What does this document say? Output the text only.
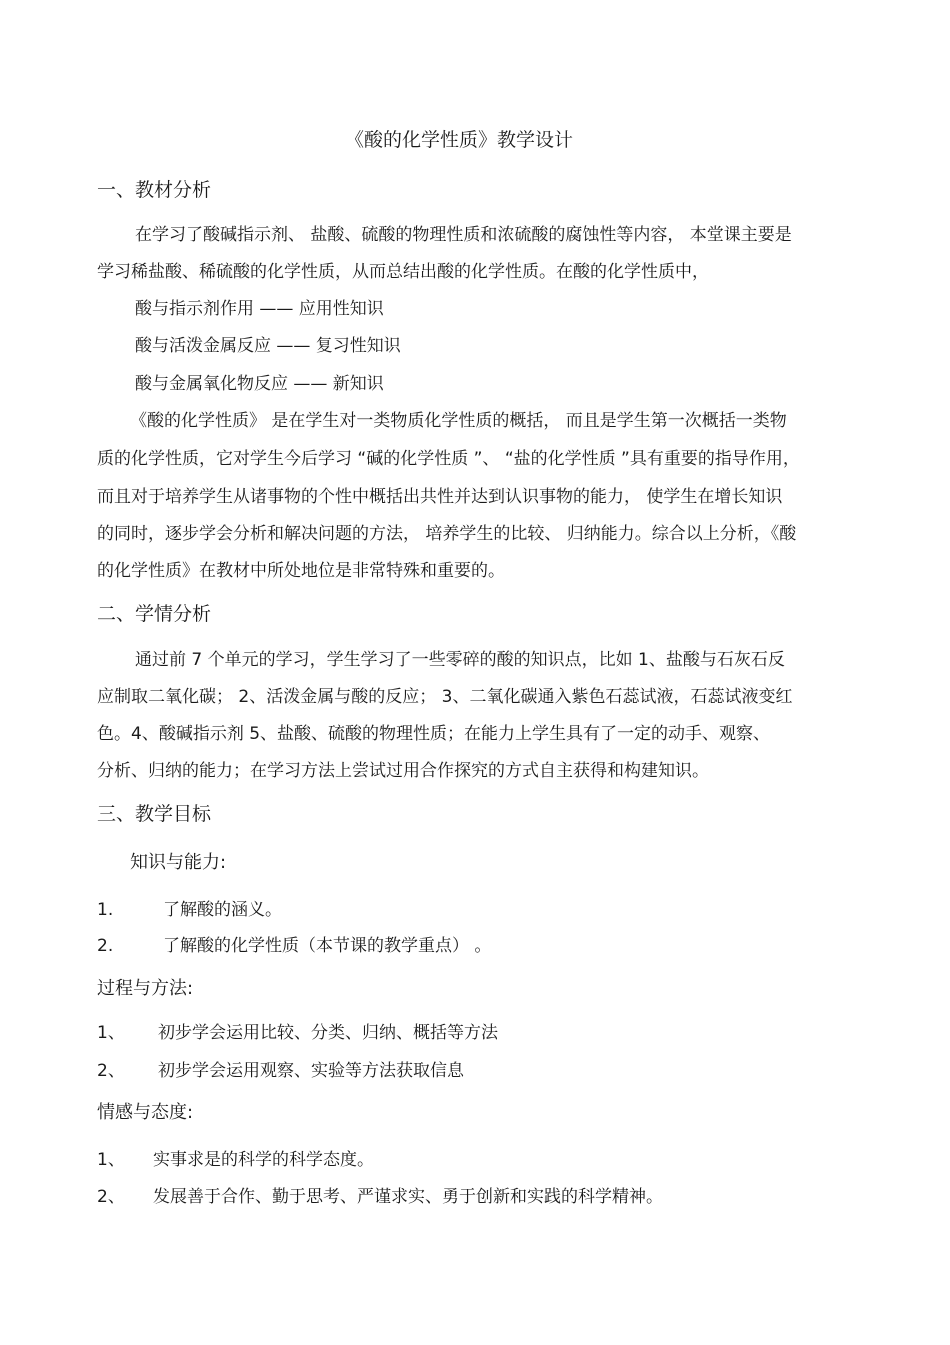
《酸的化学性质》教学设计
一、教材分析
在学习了酸碱指示剂、 盐酸、硫酸的物理性质和浓硫酸的腐蚀性等内容， 本堂课主要是
学习稀盐酸、稀硫酸的化学性质，从而总结出酸的化学性质。在酸的化学性质中，
酸与指示剂作用 —— 应用性知识
酸与活泼金属反应 —— 复习性知识
酸与金属氧化物反应 —— 新知识
《酸的化学性质》 是在学生对一类物质化学性质的概括， 而且是学生第一次概括一类物
质的化学性质，它对学生今后学习 “碱的化学性质 ”、 “盐的化学性质 ”具有重要的指导作用，
而且对于培养学生从诸事物的个性中概括出共性并达到认识事物的能力， 使学生在增长知识
的同时，逐步学会分析和解决问题的方法， 培养学生的比较、 归纳能力。综合以上分析，《酸
的化学性质》在教材中所处地位是非常特殊和重要的。
二、学情分析
通过前 7 个单元的学习，学生学习了一些零碎的酸的知识点，比如 1、盐酸与石灰石反
应制取二氧化碳； 2、活泼金属与酸的反应； 3、二氧化碳通入紫色石蕊试液，石蕊试液变红
色。4、酸碱指示剂 5、盐酸、硫酸的物理性质；在能力上学生具有了一定的动手、观察、
分析、归纳的能力；在学习方法上尝试过用合作探究的方式自主获得和构建知识。
三、教学目标
知识与能力:
1.	了解酸的涵义。
2.	了解酸的化学性质（本节课的教学重点） 。
过程与方法:
1、 初步学会运用比较、分类、归纳、概括等方法
2、 初步学会运用观察、实验等方法获取信息
情感与态度:
1、 实事求是的科学的科学态度。
2、 发展善于合作、勤于思考、严谨求实、勇于创新和实践的科学精神。
